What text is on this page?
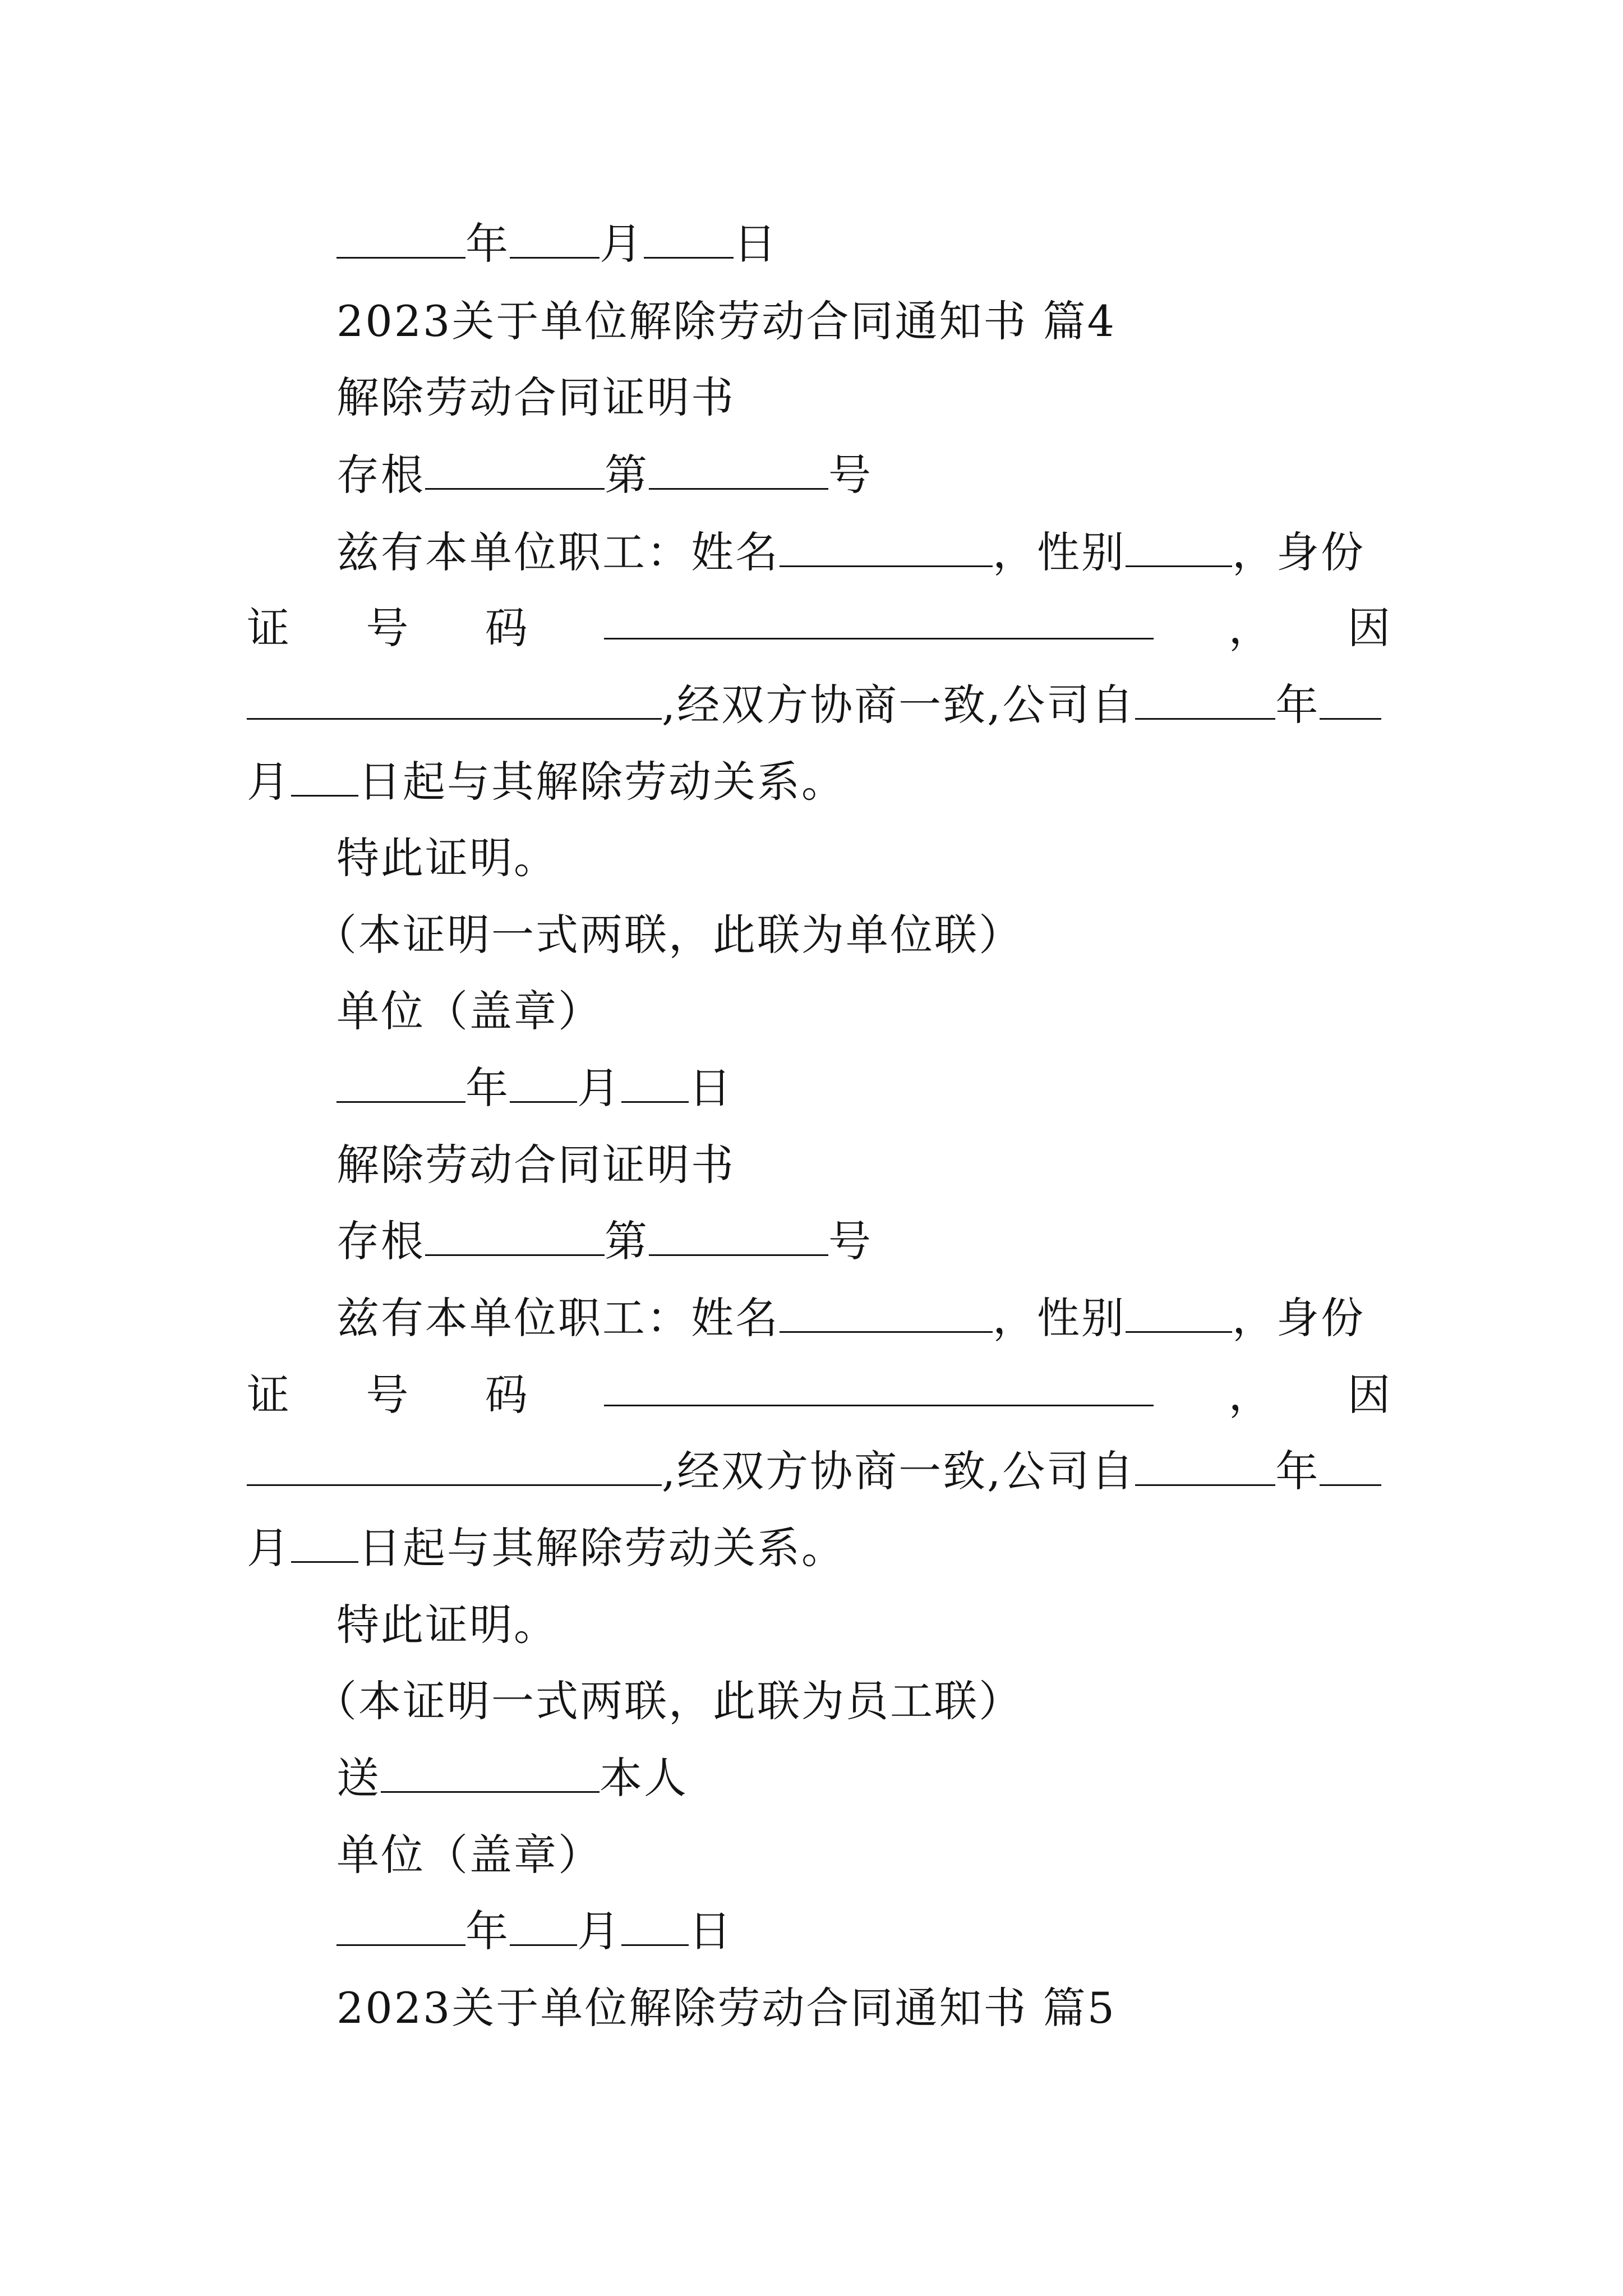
年 月 日
2023关于单位解除劳动合同通知书 篇4
解除劳动合同证明书
存根	第	号
兹有本单位职工：姓名	，性别	，身份
证 号 码	， 因
,经双方协商一致,公司自	年
月 日起与其解除劳动关系。
特此证明。
（本证明一式两联，此联为单位联）
单位（盖章）
年 月 日
解除劳动合同证明书
存根	第	号
兹有本单位职工：姓名	，性别	，身份
证 号 码	， 因
,经双方协商一致,公司自	年
月 日起与其解除劳动关系。
特此证明。
（本证明一式两联，此联为员工联）
送	本人
单位（盖章）
年 月 日
2023关于单位解除劳动合同通知书 篇5
